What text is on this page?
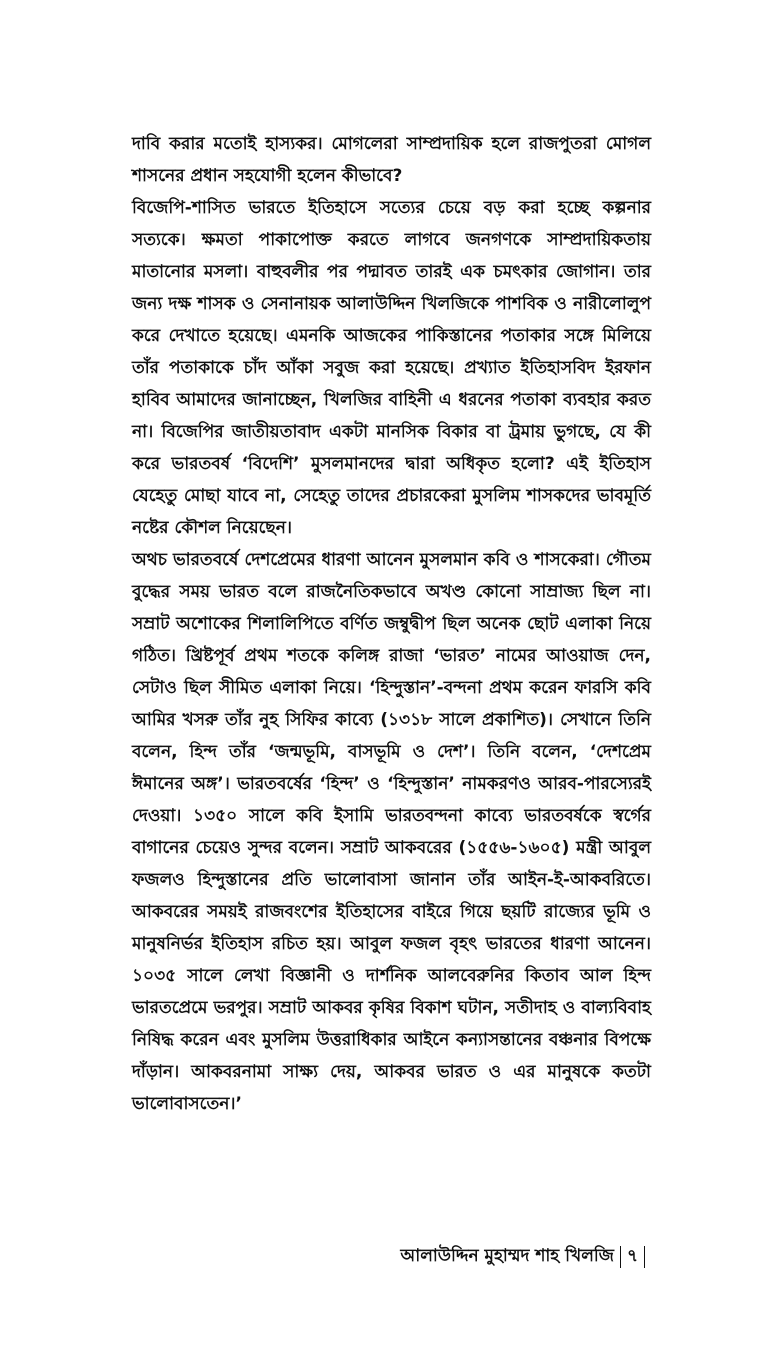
দাবি করার মতোই হাস্যকর। মোগলেরা সাম্প্রদায়িক হলে রাজপুতরা মোগল শাসনের প্রধান সহযোগী হলেন কীভাবে?

বিজেপি-শাসিত ভারতে ইতিহাসে সত্যের চেয়ে বড় করা হচ্ছে কল্পনার সত্যকে। ক্ষমতা পাকাপোক্ত করতে লাগবে জনগণকে সাম্প্রদায়িকতায় মাতানোর মসলা। বাহুবলীর পর পদ্মাবত তারই এক চমৎকার জোগান। তার জন্য দক্ষ শাসক ও সেনানায়ক আলাউদ্দিন খিলজিকে পাশবিক ও নারীলোলুপ করে দেখাতে হয়েছে। এমনকি আজকের পাকিস্তানের পতাকার সঙ্গে মিলিয়ে তাঁর পতাকাকে চাঁদ আঁকা সবুজ করা হয়েছে। প্রখ্যাত ইতিহাসবিদ ইরফান হাবিব আমাদের জানাচ্ছেন, খিলজির বাহিনী এ ধরনের পতাকা ব্যবহার করত না। বিজেপির জাতীয়তাবাদ একটা মানসিক বিকার বা ট্রমায় ভুগছে, যে কী করে ভারতবর্ষ ‘বিদেশি’ মুসলমানদের দ্বারা অধিকৃত হলো? এই ইতিহাস যেহেতু মোছা যাবে না, সেহেতু তাদের প্রচারকেরা মুসলিম শাসকদের ভাবমূর্তি নষ্টের কৌশল নিয়েছেন।

অথচ ভারতবর্ষে দেশপ্রেমের ধারণা আনেন মুসলমান কবি ও শাসকেরা। গৌতম বুদ্ধের সময় ভারত বলে রাজনৈতিকভাবে অখণ্ড কোনো সাম্রাজ্য ছিল না। সম্রাট অশোকের শিলালিপিতে বর্ণিত জম্বুদ্বীপ ছিল অনেক ছোট এলাকা নিয়ে গঠিত। খ্রিষ্টপূর্ব প্রথম শতকে কলিঙ্গ রাজা ‘ভারত’ নামের আওয়াজ দেন, সেটাও ছিল সীমিত এলাকা নিয়ে। ‘হিন্দুস্তান’-বন্দনা প্রথম করেন ফারসি কবি আমির খসরু তাঁর নুহ সিফির কাব্যে (১৩১৮ সালে প্রকাশিত)। সেখানে তিনি বলেন, হিন্দ তাঁর ‘জন্মভূমি, বাসভূমি ও দেশ’। তিনি বলেন, ‘দেশপ্রেম ঈমানের অঙ্গ’। ভারতবর্ষের ‘হিন্দ’ ও ‘হিন্দুস্তান’ নামকরণও আরব-পারস্যেরই দেওয়া। ১৩৫০ সালে কবি ইসামি ভারতবন্দনা কাব্যে ভারতবর্ষকে স্বর্গের বাগানের চেয়েও সুন্দর বলেন। সম্রাট আকবরের (১৫৫৬-১৬০৫) মন্ত্রী আবুল ফজলও হিন্দুস্তানের প্রতি ভালোবাসা জানান তাঁর আইন-ই-আকবরিতে। আকবরের সময়ই রাজবংশের ইতিহাসের বাইরে গিয়ে ছয়টি রাজ্যের ভূমি ও মানুষনির্ভর ইতিহাস রচিত হয়। আবুল ফজল বৃহৎ ভারতের ধারণা আনেন। ১০৩৫ সালে লেখা বিজ্ঞানী ও দার্শনিক আলবেরুনির কিতাব আল হিন্দ ভারতপ্রেমে ভরপুর। সম্রাট আকবর কৃষির বিকাশ ঘটান, সতীদাহ ও বাল্যবিবাহ নিষিদ্ধ করেন এবং মুসলিম উত্তরাধিকার আইনে কন্যাসন্তানের বঞ্চনার বিপক্ষে দাঁড়ান। আকবরনামা সাক্ষ্য দেয়, আকবর ভারত ও এর মানুষকে কতটা ভালোবাসতেন।’

আলাউদ্দিন মুহাম্মদ শাহ খিলজি ৭
